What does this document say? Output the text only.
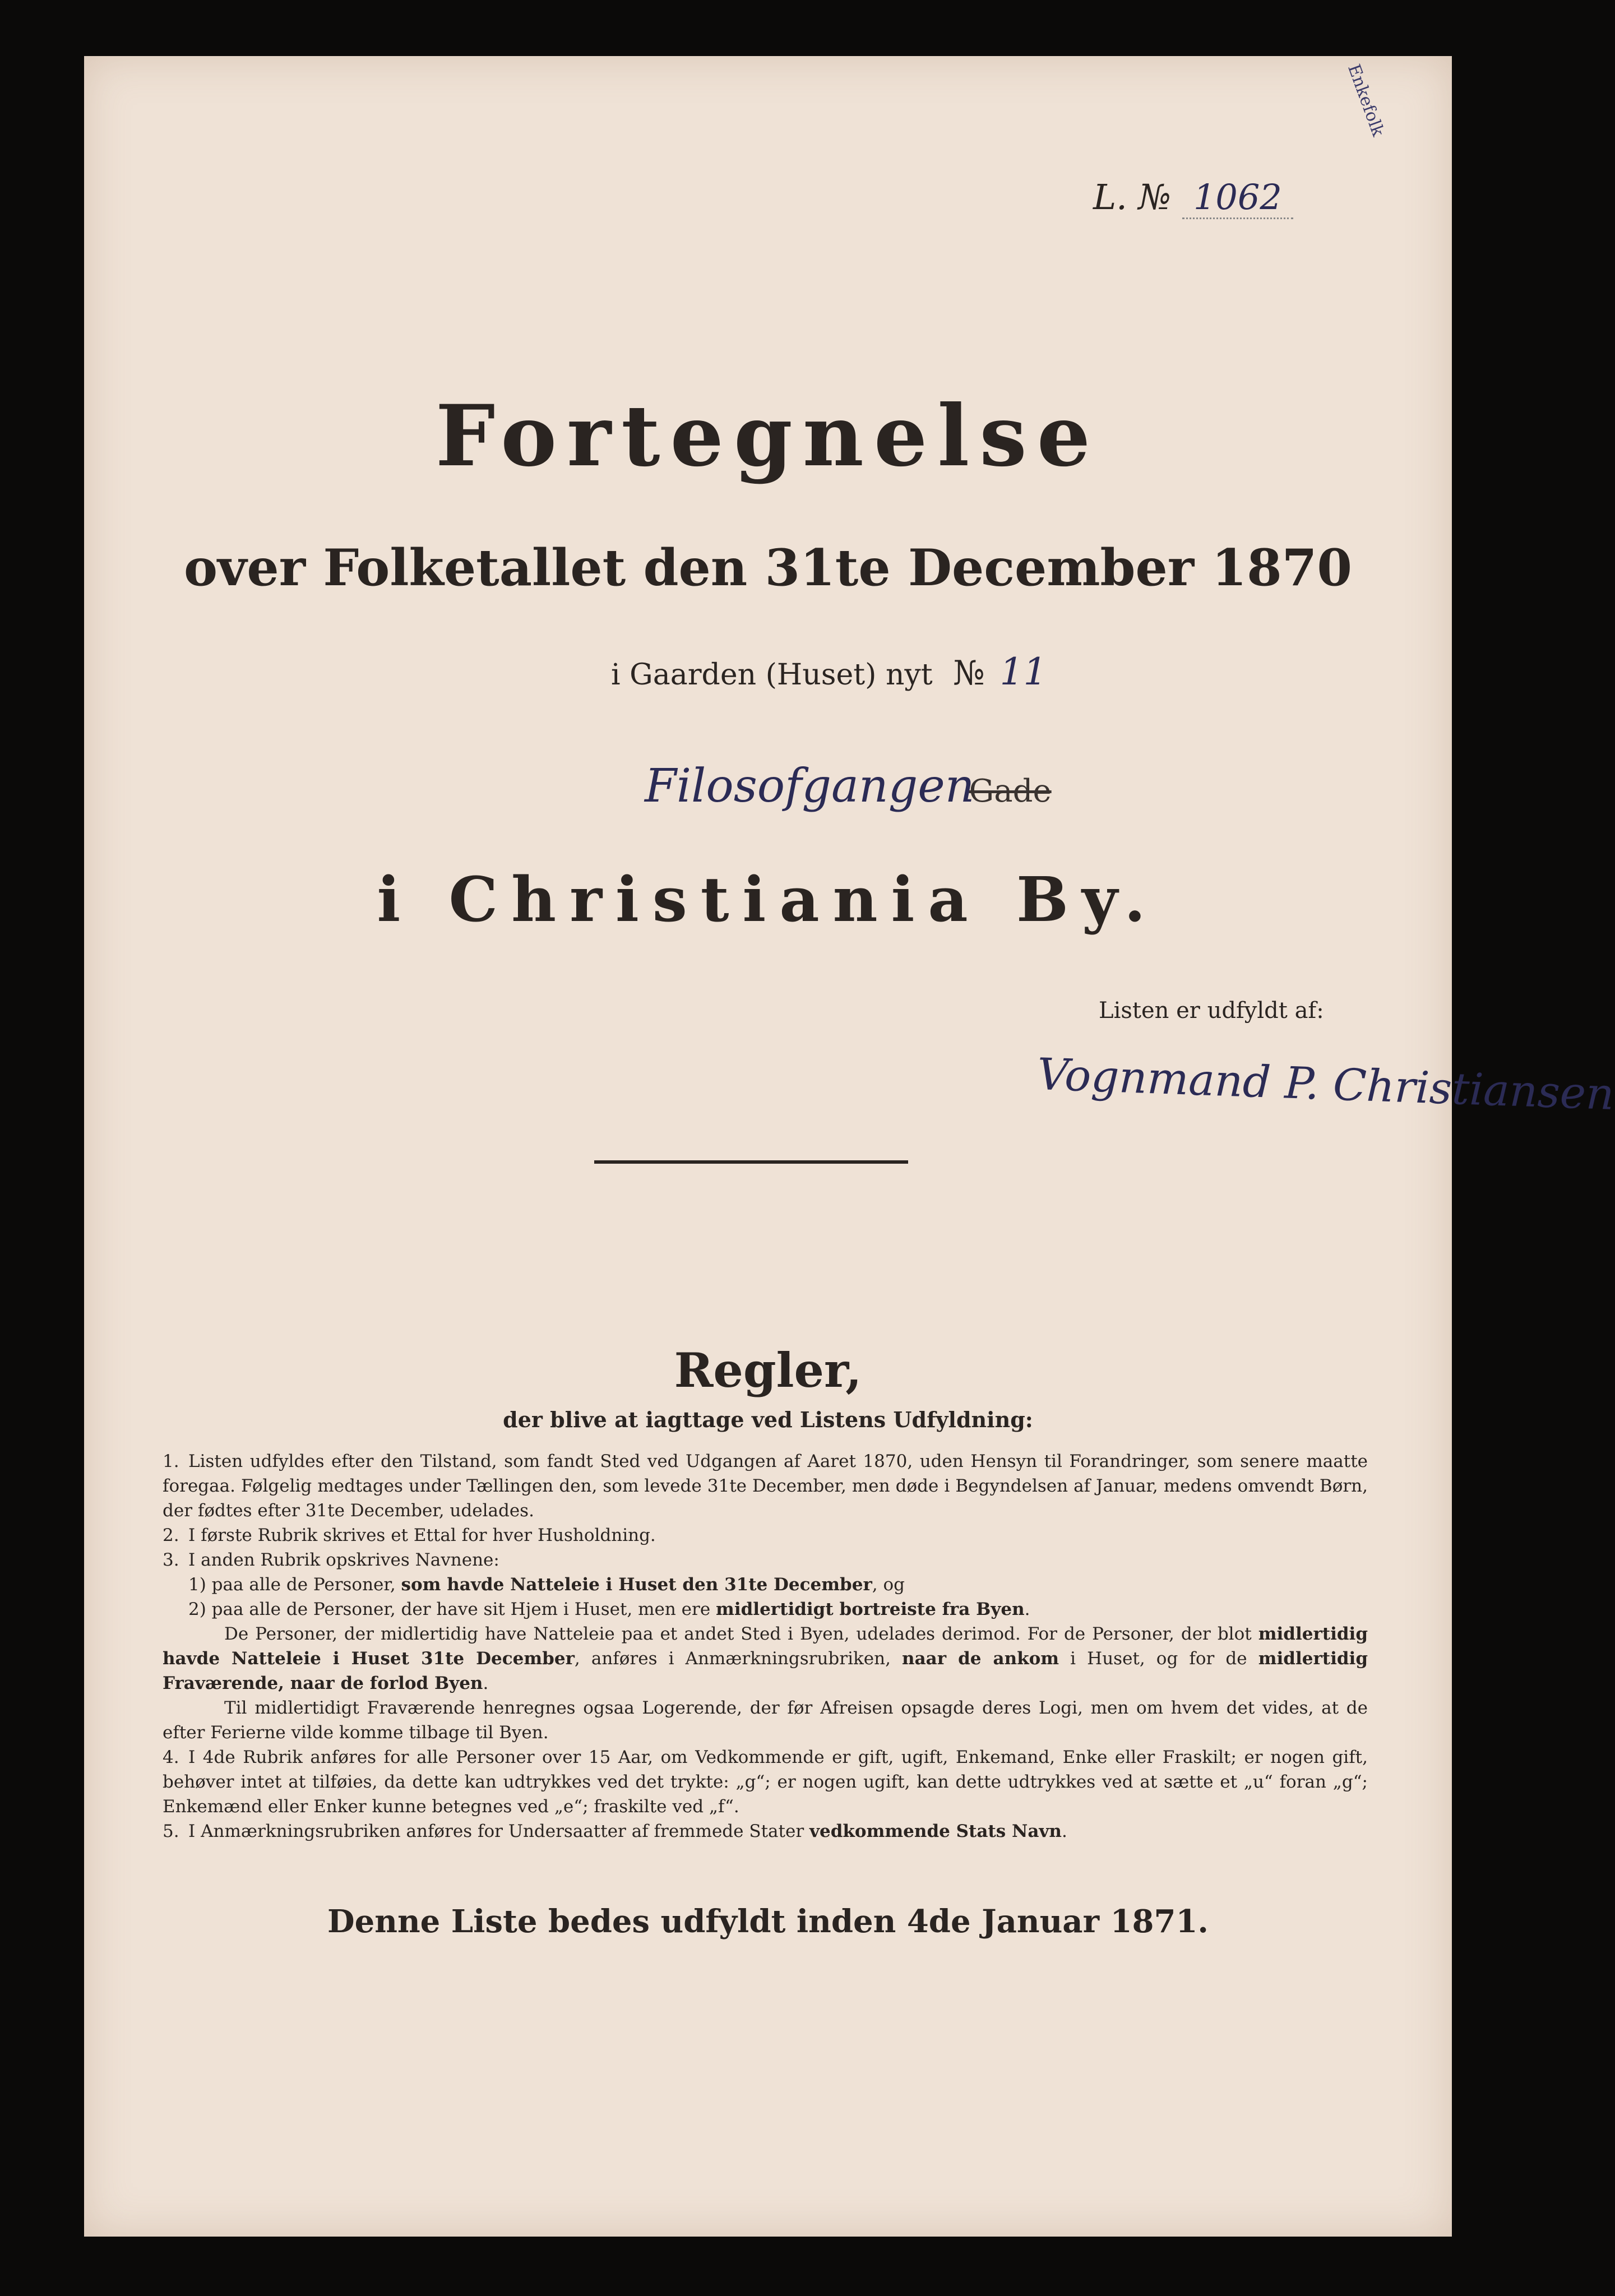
Enkefolk
L. № 1062
Fortegnelse
over Folketallet den 31te December 1870
i Gaarden (Huset) nyt № 11
FilosofgangenGade
i Christiania By.
Listen er udfyldt af:
Vognmand P. Christiansen
Regler,
der blive at iagttage ved Listens Udfyldning:

1. Listen udfyldes efter den Tilstand, som fandt Sted ved Udgangen af Aaret 1870, uden Hensyn til Forandringer, som senere maatte foregaa. Følgelig medtages under Tællingen den, som levede 31te December, men døde i Begyndelsen af Januar, medens omvendt Børn, der fødtes efter 31te December, udelades.

2. I første Rubrik skrives et Ettal for hver Husholdning.

3. I anden Rubrik opskrives Navnene:

1) paa alle de Personer, som havde Natteleie i Huset den 31te December, og

2) paa alle de Personer, der have sit Hjem i Huset, men ere midlertidigt bortreiste fra Byen.

De Personer, der midlertidig have Natteleie paa et andet Sted i Byen, udelades derimod. For de Personer, der blot midlertidig havde Natteleie i Huset 31te December, anføres i Anmærkningsrubriken, naar de ankom i Huset, og for de midlertidig Fraværende, naar de forlod Byen.

Til midlertidigt Fraværende henregnes ogsaa Logerende, der før Afreisen opsagde deres Logi, men om hvem det vides, at de efter Ferierne vilde komme tilbage til Byen.

4. I 4de Rubrik anføres for alle Personer over 15 Aar, om Vedkommende er gift, ugift, Enkemand, Enke eller Fraskilt; er nogen gift, behøver intet at tilføies, da dette kan udtrykkes ved det trykte: „g“; er nogen ugift, kan dette udtrykkes ved at sætte et „u“ foran „g“; Enkemænd eller Enker kunne betegnes ved „e“; fraskilte ved „f“.

5. I Anmærkningsrubriken anføres for Undersaatter af fremmede Stater vedkommende Stats Navn.

Denne Liste bedes udfyldt inden 4de Januar 1871.
